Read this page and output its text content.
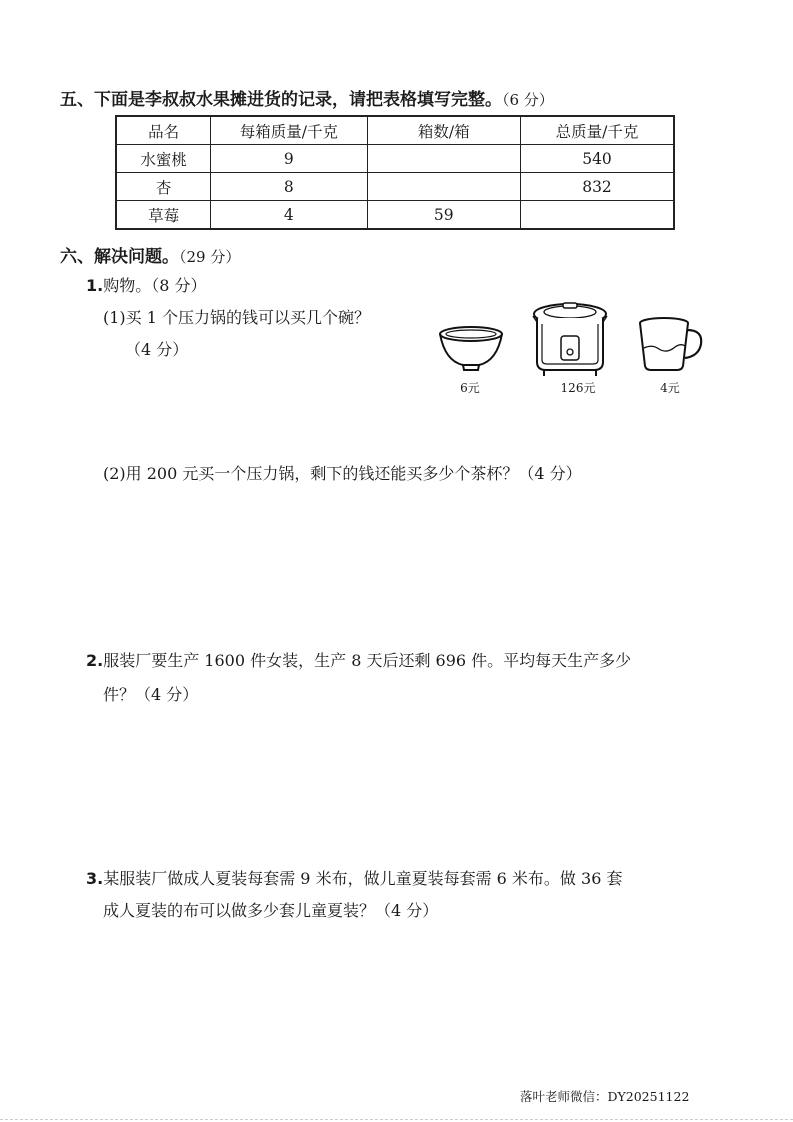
五、下面是李叔叔水果摊进货的记录，请把表格填写完整。（6 分）
品名	每箱质量/千克	箱数/箱	总质量/千克
水蜜桃	9		540
杏	8		832
草莓	4	59	
六、解决问题。（29 分）
1.购物。（8 分）
(1)买 1 个压力锅的钱可以买几个碗？
（4 分）
6元	126元	4元
(2)用 200 元买一个压力锅，剩下的钱还能买多少个茶杯？（4 分）
2.服装厂要生产 1600 件女装，生产 8 天后还剩 696 件。平均每天生产多少
件？（4 分）
3.某服装厂做成人夏装每套需 9 米布，做儿童夏装每套需 6 米布。做 36 套
成人夏装的布可以做多少套儿童夏装？（4 分）
落叶老师微信：DY20251122
